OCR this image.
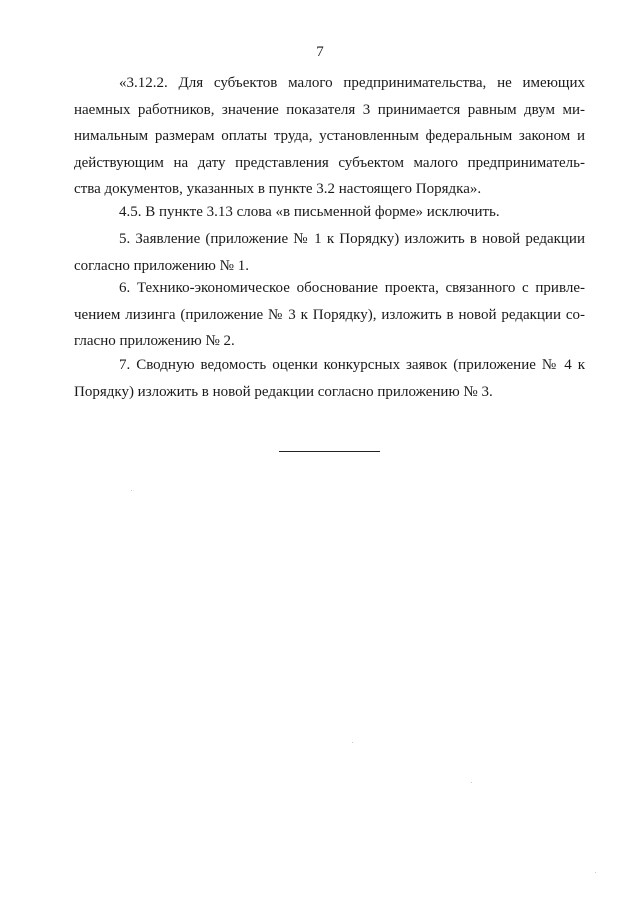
7

«3.12.2. Для субъектов малого предпринимательства, не имеющих
наемных работников, значение показателя 3 принимается равным двум ми-
нимальным размерам оплаты труда, установленным федеральным законом и
действующим на дату представления субъектом малого предприниматель-
ства документов, указанных в пункте 3.2 настоящего Порядка».

4.5. В пункте 3.13 слова «в письменной форме» исключить.

5. Заявление (приложение № 1 к Порядку) изложить в новой редакции
согласно приложению № 1.

6. Технико-экономическое обоснование проекта, связанного с привле-
чением лизинга (приложение № 3 к Порядку), изложить в новой редакции со-
гласно приложению № 2.

7. Сводную ведомость оценки конкурсных заявок (приложение № 4 к
Порядку) изложить в новой редакции согласно приложению № 3.
